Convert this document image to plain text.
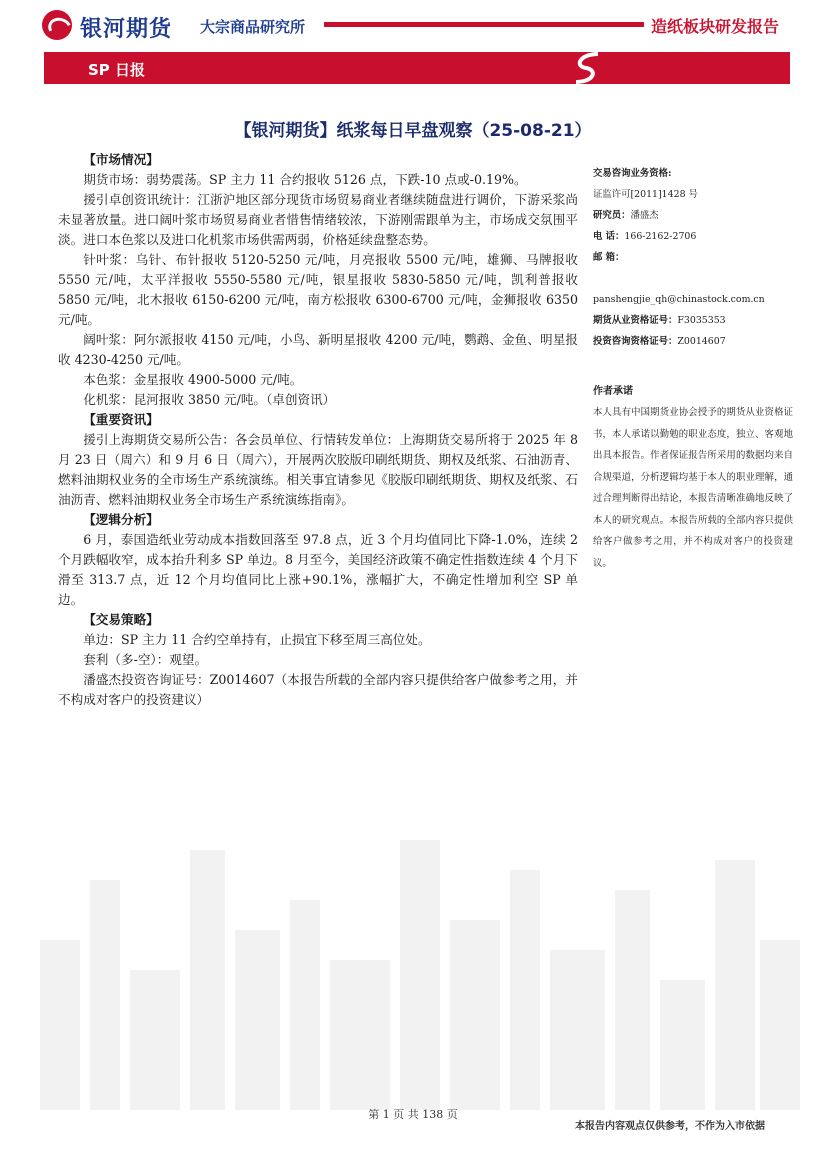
银河期货 大宗商品研究所	造纸板块研发报告
SP 日报
【银河期货】纸浆每日早盘观察（25-08-21）
【市场情况】

期货市场：弱势震荡。SP 主力 11 合约报收 5126 点，下跌-10 点或-0.19%。

援引卓创资讯统计：江浙沪地区部分现货市场贸易商业者继续随盘进行调价，下游采浆尚未显著放量。进口阔叶浆市场贸易商业者惜售情绪较浓，下游刚需跟单为主，市场成交氛围平淡。进口本色浆以及进口化机浆市场供需两弱，价格延续盘整态势。

针叶浆：乌针、布针报收 5120-5250 元/吨，月亮报收 5500 元/吨，雄狮、马牌报收 5550 元/吨，太平洋报收 5550-5580 元/吨，银星报收 5830-5850 元/吨，凯利普报收 5850 元/吨，北木报收 6150-6200 元/吨，南方松报收 6300-6700 元/吨，金狮报收 6350 元/吨。

阔叶浆：阿尔派报收 4150 元/吨，小鸟、新明星报收 4200 元/吨，鹦鹉、金鱼、明星报收 4230-4250 元/吨。

本色浆：金星报收 4900-5000 元/吨。

化机浆：昆河报收 3850 元/吨。（卓创资讯）

【重要资讯】

援引上海期货交易所公告：各会员单位、行情转发单位：上海期货交易所将于 2025 年 8 月 23 日（周六）和 9 月 6 日（周六），开展两次胶版印刷纸期货、期权及纸浆、石油沥青、燃料油期权业务的全市场生产系统演练。相关事宜请参见《胶版印刷纸期货、期权及纸浆、石油沥青、燃料油期权业务全市场生产系统演练指南》。

【逻辑分析】

6 月，泰国造纸业劳动成本指数回落至 97.8 点，近 3 个月均值同比下降-1.0%，连续 2 个月跌幅收窄，成本抬升利多 SP 单边。8 月至今，美国经济政策不确定性指数连续 4 个月下滑至 313.7 点，近 12 个月均值同比上涨+90.1%，涨幅扩大，不确定性增加利空 SP 单边。

【交易策略】

单边：SP 主力 11 合约空单持有，止损宜下移至周三高位处。

套利（多-空）：观望。

潘盛杰投资咨询证号：Z0014607（本报告所载的全部内容只提供给客户做参考之用，并不构成对客户的投资建议）

交易咨询业务资格:
证监许可[2011]1428 号
研究员：潘盛杰
电 话：166-2162-2706
邮 箱：
panshengjie_qh@chinastock.com.cn
期货从业资格证号：F3035353
投资咨询资格证号：Z0014607
作者承诺

本人具有中国期货业协会授予的期货从业资格证书，本人承诺以勤勉的职业态度，独立、客观地出具本报告。作者保证报告所采用的数据均来自合规渠道，分析逻辑均基于本人的职业理解，通过合理判断得出结论，本报告清晰准确地反映了本人的研究观点。本报告所载的全部内容只提供给客户做参考之用，并不构成对客户的投资建议。

第 1 页 共 138 页
本报告内容观点仅供参考，不作为入市依据
